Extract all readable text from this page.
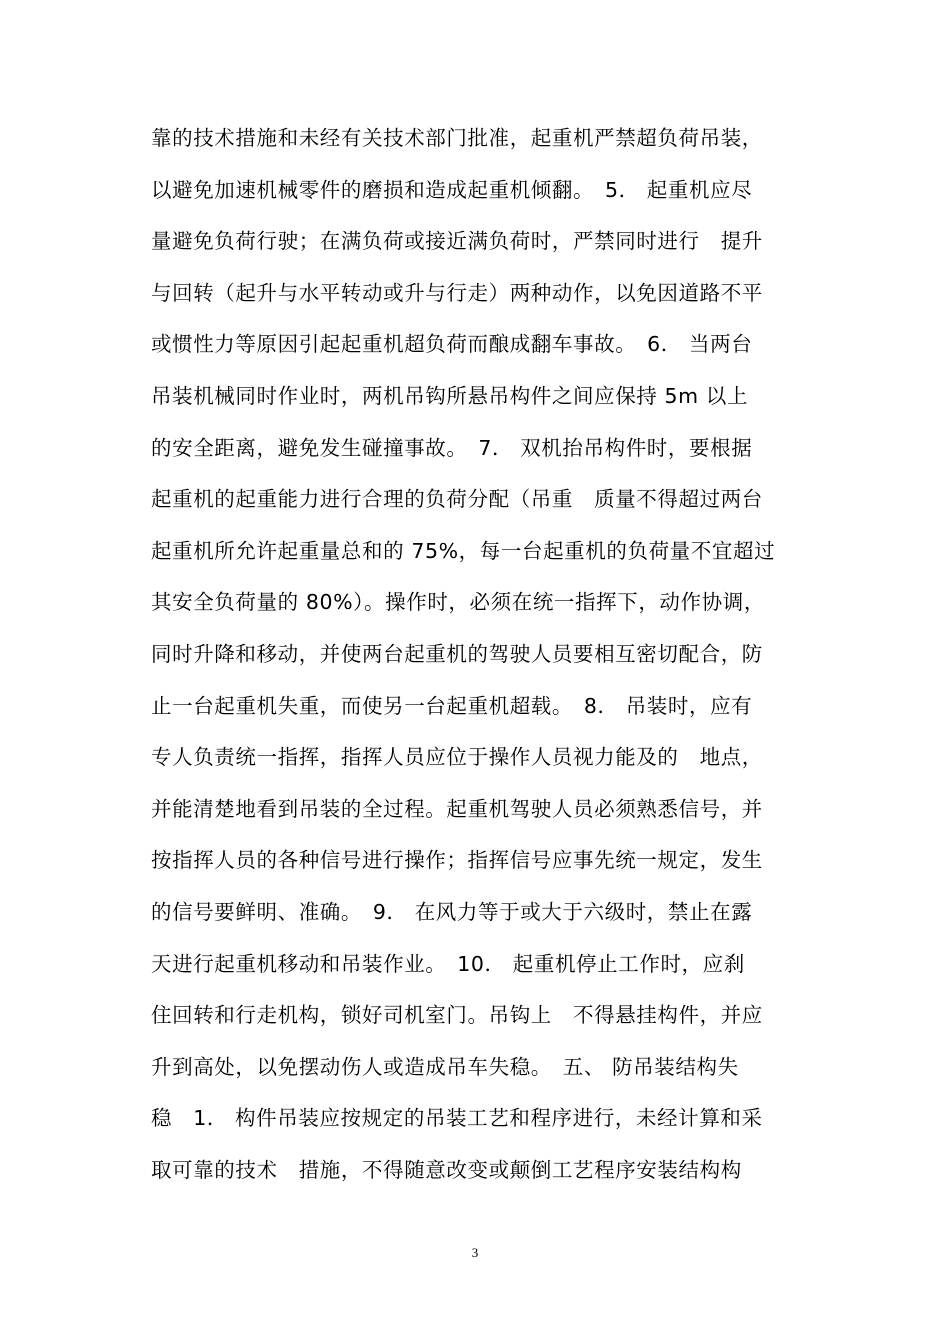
靠的技术措施和未经有关技术部门批准，起重机严禁超负荷吊装，
以避免加速机械零件的磨损和造成起重机倾翻。　5． 起重机应尽
量避免负荷行驶；在满负荷或接近满负荷时，严禁同时进行　提升
与回转（起升与水平转动或升与行走）两种动作，以免因道路不平
或惯性力等原因引起起重机超负荷而酿成翻车事故。　6． 当两台
吊装机械同时作业时，两机吊钩所悬吊构件之间应保持 5m 以上
的安全距离，避免发生碰撞事故。　7． 双机抬吊构件时，要根据
起重机的起重能力进行合理的负荷分配（吊重　质量不得超过两台
起重机所允许起重量总和的 75%，每一台起重机的负荷量不宜超过
其安全负荷量的 80%）。操作时，必须在统一指挥下，动作协调，
同时升降和移动，并使两台起重机的驾驶人员要相互密切配合，防
止一台起重机失重，而使另一台起重机超载。　8． 吊装时，应有
专人负责统一指挥，指挥人员应位于操作人员视力能及的　地点，
并能清楚地看到吊装的全过程。起重机驾驶人员必须熟悉信号，并
按指挥人员的各种信号进行操作；指挥信号应事先统一规定，发生
的信号要鲜明、准确。　9． 在风力等于或大于六级时，禁止在露
天进行起重机移动和吊装作业。　10． 起重机停止工作时，应刹
住回转和行走机构，锁好司机室门。吊钩上　不得悬挂构件，并应
升到高处，以免摆动伤人或造成吊车失稳。　五、 防吊装结构失
稳　1． 构件吊装应按规定的吊装工艺和程序进行，未经计算和采
取可靠的技术　措施，不得随意改变或颠倒工艺程序安装结构构
3
